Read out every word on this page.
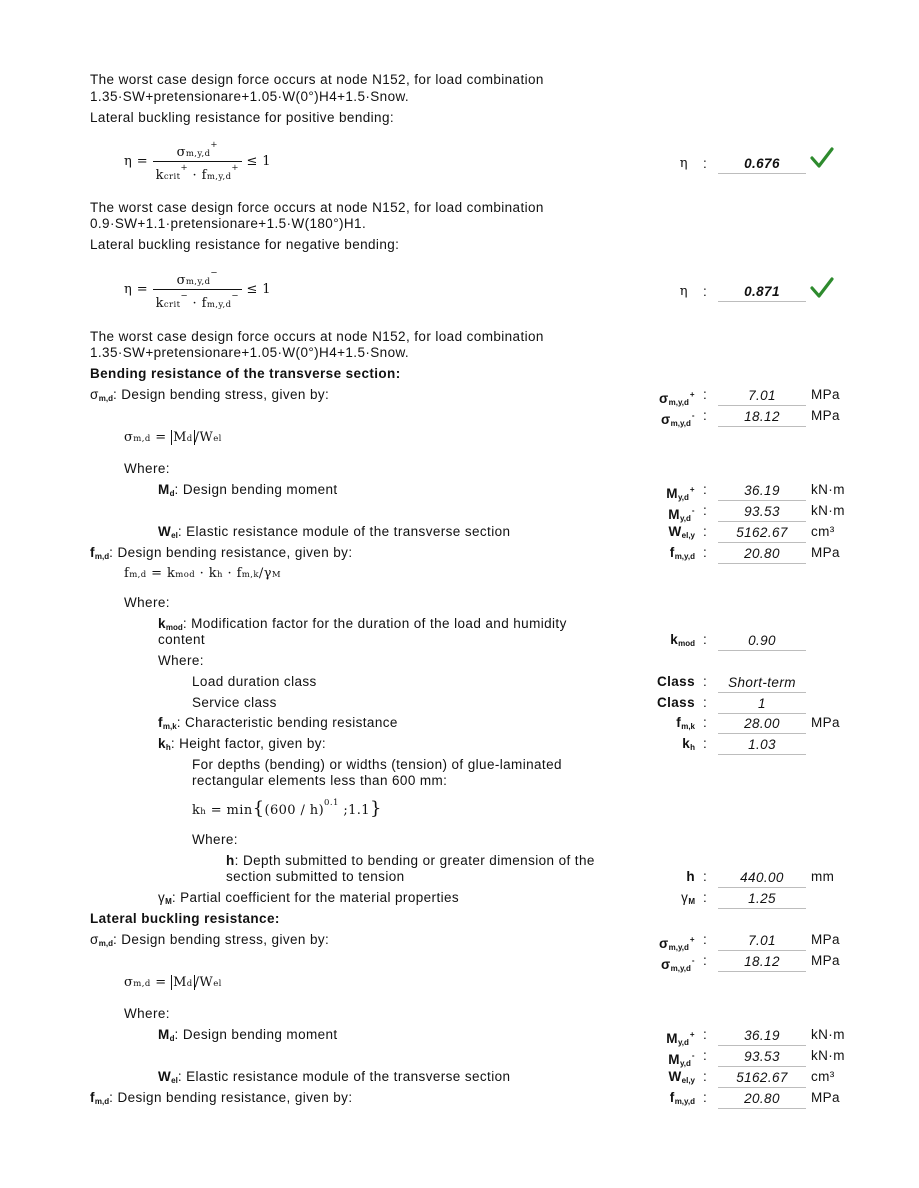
The worst case design force occurs at node N152, for load combination
1.35·SW+pretensionare+1.05·W(0°)H4+1.5·Snow.
Lateral buckling resistance for positive bending:
$\eta = \frac{\sigma m,y,d^+}{kcrit^+ \cdot fm,y,d^+} \le 1$	η :	0.676
The worst case design force occurs at node N152, for load combination
0.9·SW+1.1·pretensionare+1.5·W(180°)H1.
Lateral buckling resistance for negative bending:
$\eta = \frac{\sigma m,y,d^-}{kcrit^- \cdot fm,y,d^-} \le 1$	η :	0.871
The worst case design force occurs at node N152, for load combination
1.35·SW+pretensionare+1.05·W(0°)H4+1.5·Snow.
Bending resistance of the transverse section:
$\sigma_{m,d}$: Design bending stress, given by:	$\sigma_{m,y,d}^+$ :	7.01	MPa
$\sigma_{m,y,d}^-$ :	18.12	MPa
σm,d = Md /Wel
Where:
$M_d$: Design bending moment	$M_{y,d}^+$ :	36.19	kN·m
$M_{y,d}^-$ :	93.53	kN·m
$W_{el}$: Elastic resistance module of the transverse section	$W_{el,y}$ :	5162.67	cm³
$f_{m,d}$: Design bending resistance, given by:	$f_{m,y,d}$ :	20.80	MPa
fm,d = kmod · kh · fm,k/γM
Where:
$k_{mod}$: Modification factor for the duration of the load and humidity
content	$k_{mod}$ :	0.90
Where:
Load duration class	Class :	Short-term
Service class	Class :	1
$f_{m,k}$: Characteristic bending resistance	$f_{m,k}$ :	28.00	MPa
$k_h$: Height factor, given by:	$k_h$ :	1.03
For depths (bending) or widths (tension) of glue-laminated
rectangular elements less than 600 mm:
kh = min{(600 / h)$^{0.1}$ ;1.1}
Where:
h: Depth submitted to bending or greater dimension of the
section submitted to tension	h :	440.00	mm
$\gamma_M$: Partial coefficient for the material properties	$\gamma_M$ :	1.25
Lateral buckling resistance:
$\sigma_{m,d}$: Design bending stress, given by:	$\sigma_{m,y,d}^+$ :	7.01	MPa
$\sigma_{m,y,d}^-$ :	18.12	MPa
σm,d = Md /Wel
Where:
$M_d$: Design bending moment	$M_{y,d}^+$ :	36.19	kN·m
$M_{y,d}^-$ :	93.53	kN·m
$W_{el}$: Elastic resistance module of the transverse section	$W_{el,y}$ :	5162.67	cm³
$f_{m,d}$: Design bending resistance, given by:	$f_{m,y,d}$ :	20.80	MPa
